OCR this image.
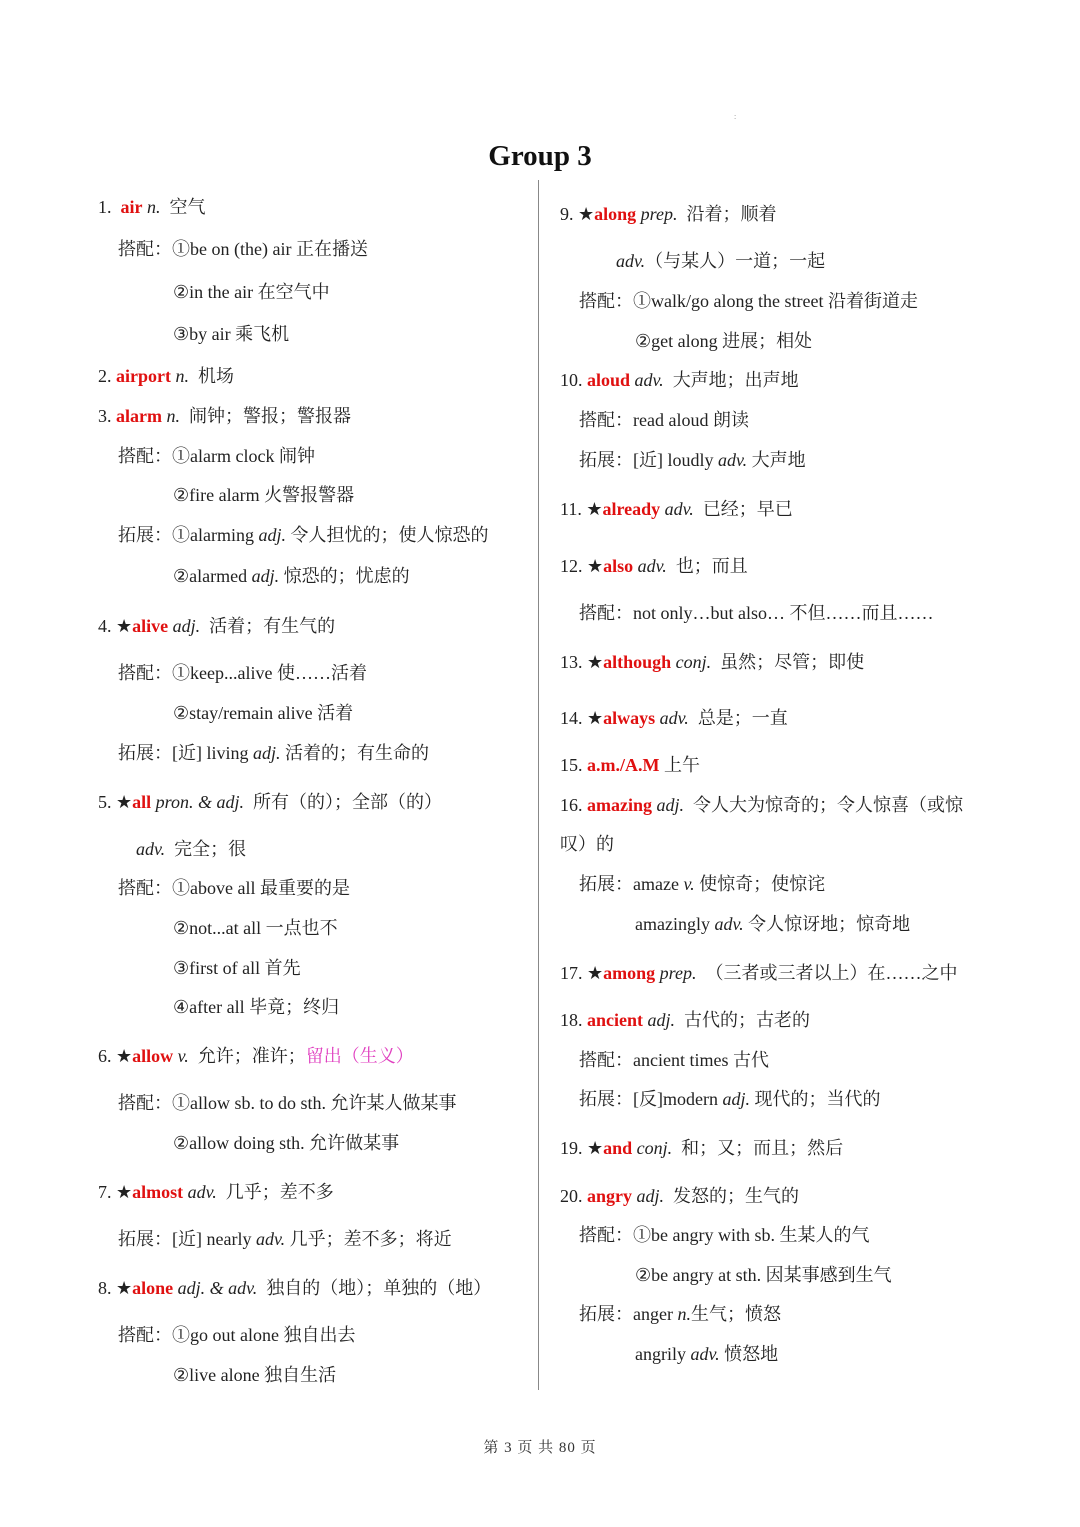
:
Group 3
1. air n. 空气
搭配：①be on (the) air 正在播送
②in the air 在空气中
③by air 乘飞机
2. airport n. 机场
3. alarm n. 闹钟；警报；警报器
搭配：①alarm clock 闹钟
②fire alarm 火警报警器
拓展：①alarming adj. 令人担忧的；使人惊恐的
②alarmed adj. 惊恐的；忧虑的
4. ★alive adj. 活着；有生气的
搭配：①keep...alive 使……活着
②stay/remain alive 活着
拓展：[近] living adj. 活着的；有生命的
5. ★all pron. & adj. 所有（的）；全部（的）
adv. 完全；很
搭配：①above all 最重要的是
②not...at all 一点也不
③first of all 首先
④after all 毕竟；终归
6. ★allow v. 允许；准许；留出（生义）
搭配：①allow sb. to do sth. 允许某人做某事
②allow doing sth. 允许做某事
7. ★almost adv. 几乎；差不多
拓展：[近] nearly adv. 几乎；差不多；将近
8. ★alone adj. & adv. 独自的（地）；单独的（地）
搭配：①go out alone 独自出去
②live alone 独自生活
9. ★along prep. 沿着；顺着
adv.（与某人）一道；一起
搭配：①walk/go along the street 沿着街道走
②get along 进展；相处
10. aloud adv. 大声地；出声地
搭配：read aloud 朗读
拓展：[近] loudly adv. 大声地
11. ★already adv. 已经；早已
12. ★also adv. 也；而且
搭配：not only…but also… 不但……而且……
13. ★although conj. 虽然；尽管；即使
14. ★always adv. 总是；一直
15. a.m./A.M 上午
16. amazing adj. 令人大为惊奇的；令人惊喜（或惊
叹）的
拓展：amaze v. 使惊奇；使惊诧
amazingly adv. 令人惊讶地；惊奇地
17. ★among prep. （三者或三者以上）在……之中
18. ancient adj. 古代的；古老的
搭配：ancient times 古代
拓展：[反]modern adj. 现代的；当代的
19. ★and conj. 和；又；而且；然后
20. angry adj. 发怒的；生气的
搭配：①be angry with sb. 生某人的气
②be angry at sth. 因某事感到生气
拓展：anger n.生气；愤怒
angrily adv. 愤怒地
第 3 页 共 80 页
